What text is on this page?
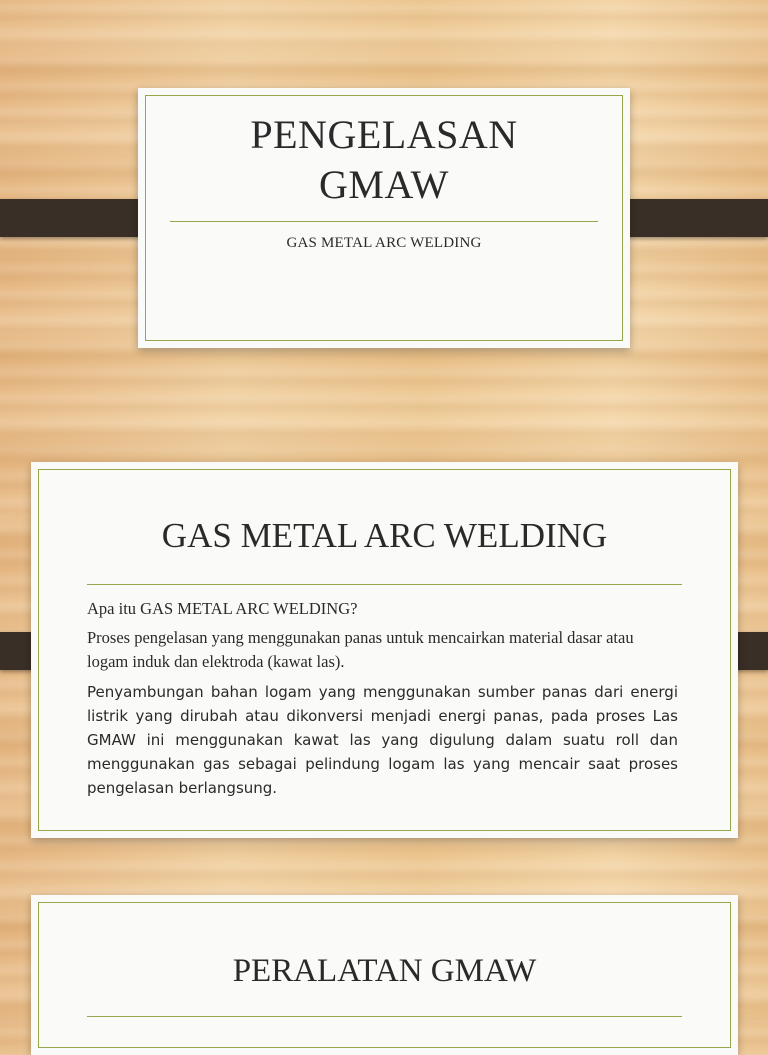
PENGELASAN
GMAW
GAS METAL ARC WELDING
GAS METAL ARC WELDING

Apa itu GAS METAL ARC WELDING?

Proses pengelasan yang menggunakan panas untuk mencairkan material dasar atau logam induk dan elektroda (kawat las).

Penyambungan bahan logam yang menggunakan sumber panas dari energi listrik yang dirubah atau dikonversi menjadi energi panas, pada proses Las GMAW ini menggunakan kawat las yang digulung dalam suatu roll dan menggunakan gas sebagai pelindung logam las yang mencair saat proses pengelasan berlangsung.

PERALATAN GMAW
